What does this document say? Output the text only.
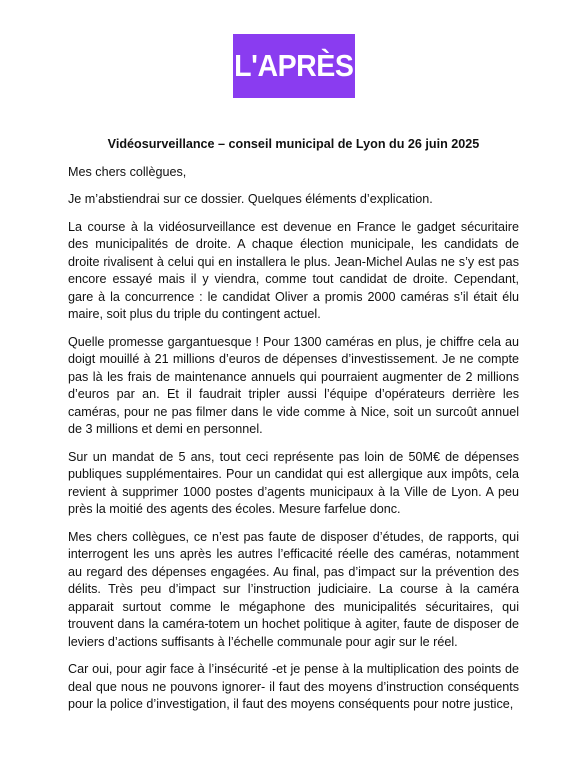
L'APRÈS
Vidéosurveillance – conseil municipal de Lyon du 26 juin 2025
Mes chers collègues,
Je m’abstiendrai sur ce dossier. Quelques éléments d’explication.
La course à la vidéosurveillance est devenue en France le gadget sécuritaire des municipalités de droite. A chaque élection municipale, les candidats de droite rivalisent à celui qui en installera le plus. Jean-Michel Aulas ne s’y est pas encore essayé mais il y viendra, comme tout candidat de droite. Cependant, gare à la concurrence : le candidat Oliver a promis 2000 caméras s’il était élu maire, soit plus du triple du contingent actuel.
Quelle promesse gargantuesque ! Pour 1300 caméras en plus, je chiffre cela au doigt mouillé à 21 millions d’euros de dépenses d’investissement. Je ne compte pas là les frais de maintenance annuels qui pourraient augmenter de 2 millions d’euros par an. Et il faudrait tripler aussi l’équipe d’opérateurs derrière les caméras, pour ne pas filmer dans le vide comme à Nice, soit un surcoût annuel de 3 millions et demi en personnel.
Sur un mandat de 5 ans, tout ceci représente pas loin de 50M€ de dépenses publiques supplémentaires. Pour un candidat qui est allergique aux impôts, cela revient à supprimer 1000 postes d’agents municipaux à la Ville de Lyon. A peu près la moitié des agents des écoles. Mesure farfelue donc.
Mes chers collègues, ce n’est pas faute de disposer d’études, de rapports, qui interrogent les uns après les autres l’efficacité réelle des caméras, notamment au regard des dépenses engagées. Au final, pas d’impact sur la prévention des délits. Très peu d’impact sur l’instruction judiciaire. La course à la caméra apparait surtout comme le mégaphone des municipalités sécuritaires, qui trouvent dans la caméra-totem un hochet politique à agiter, faute de disposer de leviers d’actions suffisants à l’échelle communale pour agir sur le réel.
Car oui, pour agir face à l’insécurité -et je pense à la multiplication des points de deal que nous ne pouvons ignorer- il faut des moyens d’instruction conséquents pour la police d’investigation, il faut des moyens conséquents pour notre justice,
